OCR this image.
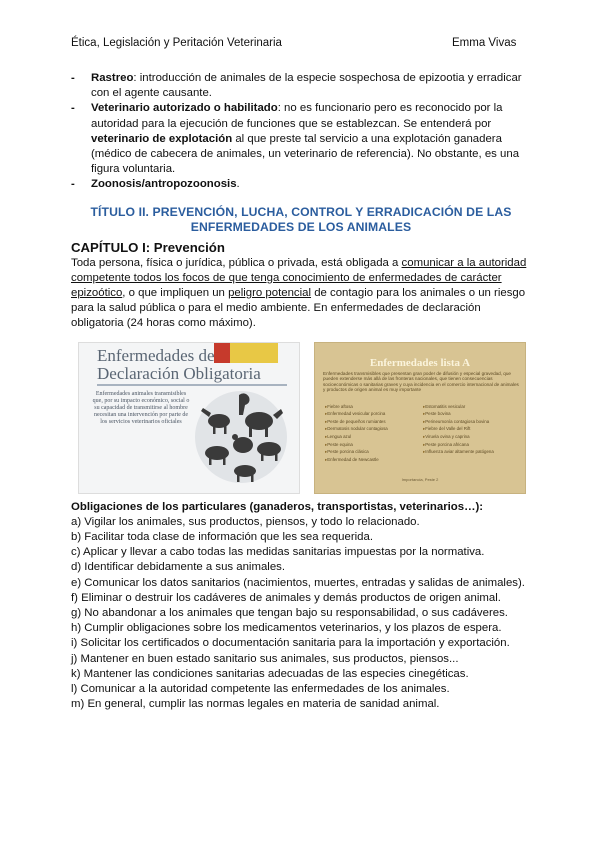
Ética, Legislación y Peritación Veterinaria	Emma Vivas
- Rastreo: introducción de animales de la especie sospechosa de epizootia y erradicar con el agente causante.
- Veterinario autorizado o habilitado: no es funcionario pero es reconocido por la autoridad para la ejecución de funciones que se establezcan. Se entenderá por veterinario de explotación al que preste tal servicio a una explotación ganadera (médico de cabecera de animales, un veterinario de referencia). No obstante, es una figura voluntaria.
- Zoonosis/antropozoonosis.
TÍTULO II. PREVENCIÓN, LUCHA, CONTROL Y ERRADICACIÓN DE LAS
ENFERMEDADES DE LOS ANIMALES
CAPÍTULO I: Prevención

Toda persona, física o jurídica, pública o privada, está obligada a comunicar a la autoridad competente todos los focos de que tenga conocimiento de enfermedades de carácter epizoótico, o que impliquen un peligro potencial de contagio para los animales o un riesgo para la salud pública o para el medio ambiente. En enfermedades de declaración obligatoria (24 horas como máximo).

Enfermedades de
Declaración Obligatoria
Enfermedades animales transmisibles que, por su impacto económico, social o su capacidad de transmitirse al hombre necesitan una intervención por parte de los servicios veterinarios oficiales
Enfermedades lista A
Enfermedades transmisibles que presentan gran poder de difusión y especial gravedad, que pueden extenderse más allá de las fronteras nacionales, que tienen consecuencias socioeconómicas o sanitarias graves y cuya incidencia en el comercio internacional de animales y productos de origen animal es muy importante
▸ Fiebre aftosa
▸ Enfermedad vesicular porcina
▸ Peste de pequeños rumiantes
▸ Dermatosis nodular contagiosa
▸ Lengua azul
▸ Peste equina
▸ Peste porcina clásica
▸ Enfermedad de Newcastle
▸ Estomatitis vesicular
▸ Peste bovina
▸ Perineumonía contagiosa bovina
▸ Fiebre del Valle del Rift
▸ Viruela ovina y caprina
▸ Peste porcina africana
▸ Influenza aviar altamente patógena
Importancia, Peste 2
Obligaciones de los particulares (ganaderos, transportistas, veterinarios…):
a) Vigilar los animales, sus productos, piensos, y todo lo relacionado.
b) Facilitar toda clase de información que les sea requerida.
c) Aplicar y llevar a cabo todas las medidas sanitarias impuestas por la normativa.
d) Identificar debidamente a sus animales.
e) Comunicar los datos sanitarios (nacimientos, muertes, entradas y salidas de animales).
f) Eliminar o destruir los cadáveres de animales y demás productos de origen animal.
g) No abandonar a los animales que tengan bajo su responsabilidad, o sus cadáveres.
h) Cumplir obligaciones sobre los medicamentos veterinarios, y los plazos de espera.
i) Solicitar los certificados o documentación sanitaria para la importación y exportación.
j) Mantener en buen estado sanitario sus animales, sus productos, piensos...
k) Mantener las condiciones sanitarias adecuadas de las especies cinegéticas.
l) Comunicar a la autoridad competente las enfermedades de los animales.
m) En general, cumplir las normas legales en materia de sanidad animal.
